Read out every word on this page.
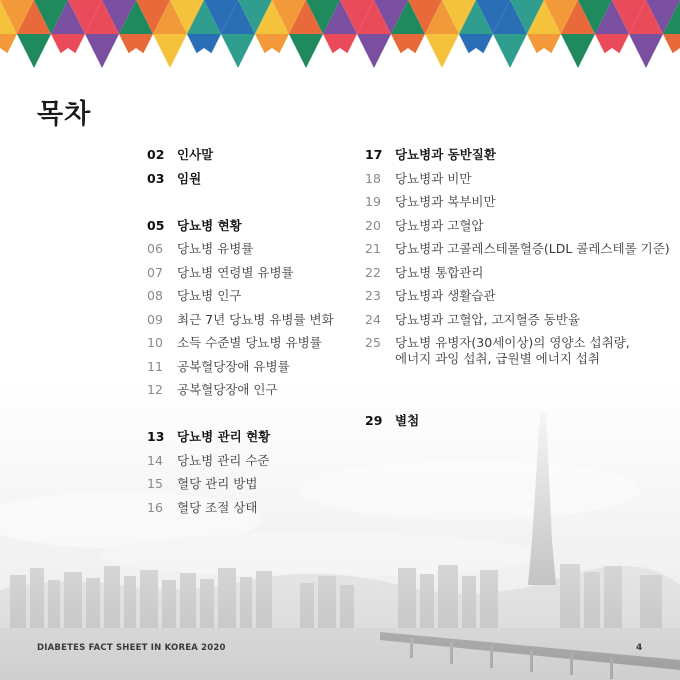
목차
02	인사말
03	임원
05	당뇨병 현황
06	당뇨병 유병률
07	당뇨병 연령별 유병률
08	당뇨병 인구
09	최근 7년 당뇨병 유병률 변화
10	소득 수준별 당뇨병 유병률
11	공복혈당장애 유병률
12	공복혈당장애 인구
13	당뇨병 관리 현황
14	당뇨병 관리 수준
15	혈당 관리 방법
16	혈당 조절 상태
17	당뇨병과 동반질환
18	당뇨병과 비만
19	당뇨병과 복부비만
20	당뇨병과 고혈압
21	당뇨병과 고콜레스테롤혈증(LDL 콜레스테롤 기준)
22	당뇨병 통합관리
23	당뇨병과 생활습관
24	당뇨병과 고혈압, 고지혈증 동반율
25	당뇨병 유병자(30세이상)의 영양소 섭취량,
에너지 과잉 섭취, 급원별 에너지 섭취
29	별첨
DIABETES FACT SHEET IN KOREA 2020	4
